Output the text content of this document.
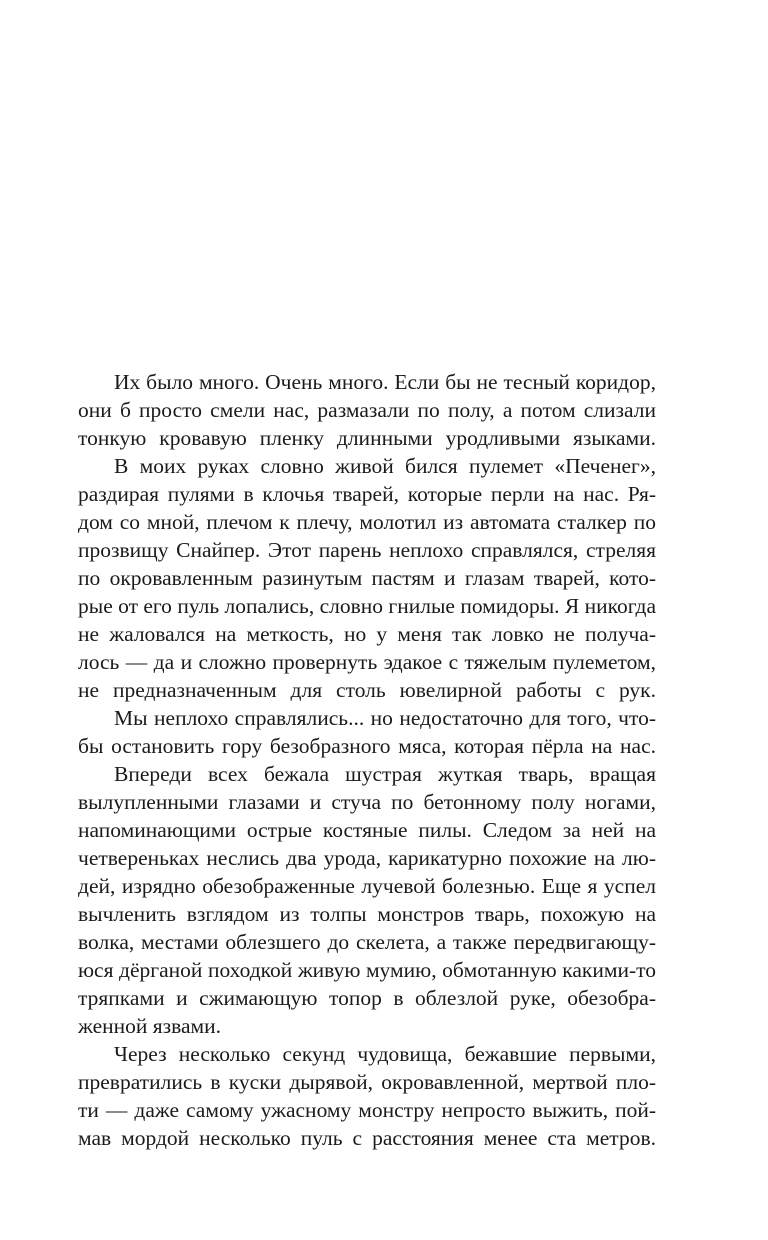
Их было много. Очень много. Если бы не тесный коридор,
они б просто смели нас, размазали по полу, а потом слизали
тонкую кровавую пленку длинными уродливыми языками.

В моих руках словно живой бился пулемет «Печенег»,
раздирая пулями в клочья тварей, которые перли на нас. Ря-
дом со мной, плечом к плечу, молотил из автомата сталкер по
прозвищу Снайпер. Этот парень неплохо справлялся, стреляя
по окровавленным разинутым пастям и глазам тварей, кото-
рые от его пуль лопались, словно гнилые помидоры. Я никогда
не жаловался на меткость, но у меня так ловко не получа-
лось — да и сложно провернуть эдакое с тяжелым пулеметом,
не предназначенным для столь ювелирной работы с рук.

Мы неплохо справлялись... но недостаточно для того, что-
бы остановить гору безобразного мяса, которая пёрла на нас.

Впереди всех бежала шустрая жуткая тварь, вращая
вылупленными глазами и стуча по бетонному полу ногами,
напоминающими острые костяные пилы. Следом за ней на
четвереньках неслись два урода, карикатурно похожие на лю-
дей, изрядно обезображенные лучевой болезнью. Еще я успел
вычленить взглядом из толпы монстров тварь, похожую на
волка, местами облезшего до скелета, а также передвигающу-
юся дёрганой походкой живую мумию, обмотанную какими-то
тряпками и сжимающую топор в облезлой руке, обезобра-
женной язвами.

Через несколько секунд чудовища, бежавшие первыми,
превратились в куски дырявой, окровавленной, мертвой пло-
ти — даже самому ужасному монстру непросто выжить, пой-
мав мордой несколько пуль с расстояния менее ста метров.
